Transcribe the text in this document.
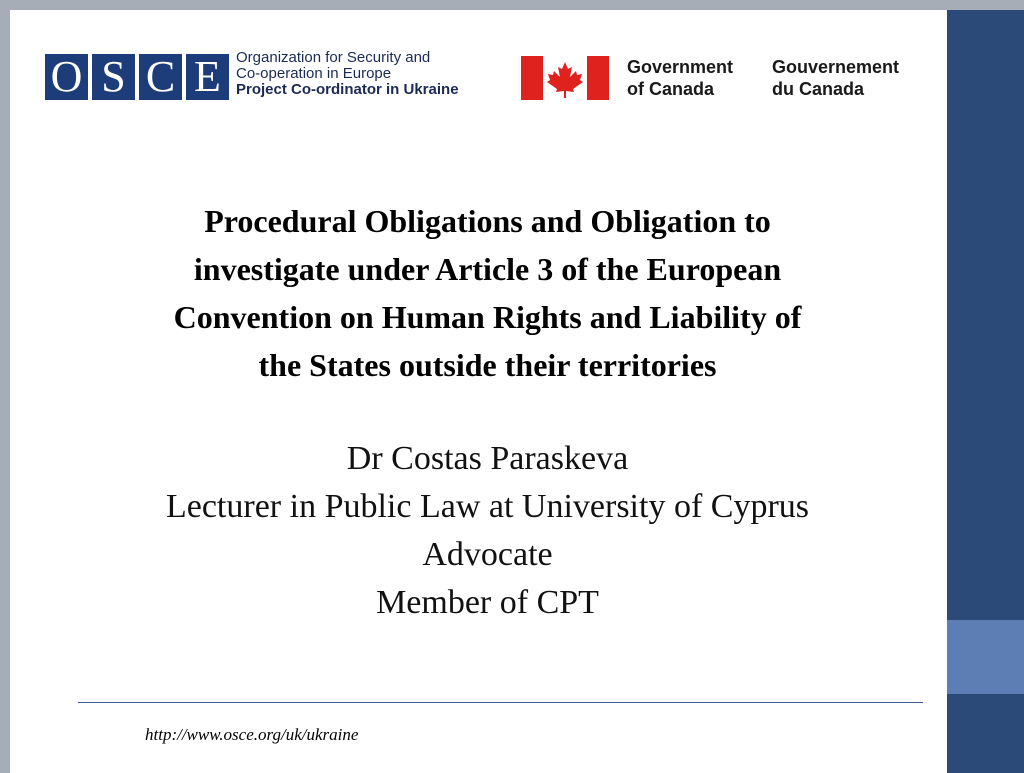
O S C E	Organization for Security and
Co-operation in Europe
Project Co-ordinator in Ukraine
Government
of Canada
Gouvernement
du Canada
Procedural Obligations and Obligation to
investigate under Article 3 of the European
Convention on Human Rights and Liability of
the States outside their territories
Dr Costas Paraskeva
Lecturer in Public Law at University of Cyprus
Advocate
Member of CPT
http://www.osce.org/uk/ukraine
